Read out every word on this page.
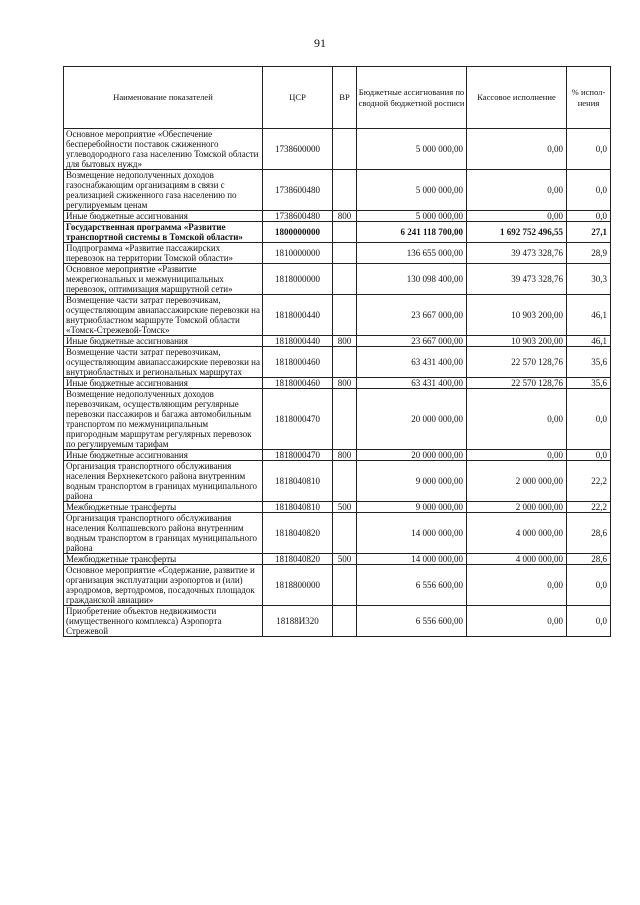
91
Наименование показателей	ЦСР	ВР	Бюджетные ассигнования по сводной бюджетной росписи	Кассовое исполнение	% испол-нения
Основное мероприятие «Обеспечение бесперебойности поставок сжиженного углеводородного газа населению Томской области для бытовых нужд»	1738600000		5 000 000,00	0,00	0,0
Возмещение недополученных доходов газоснабжающим организациям в связи с реализацией сжиженного газа населению по регулируемым ценам	1738600480		5 000 000,00	0,00	0,0
Иные бюджетные ассигнования	1738600480	800	5 000 000,00	0,00	0,0
Государственная программа «Развитие транспортной системы в Томской области»	1800000000		6 241 118 700,00	1 692 752 496,55	27,1
Подпрограмма «Развитие пассажирских перевозок на территории Томской области»	1810000000		136 655 000,00	39 473 328,76	28,9
Основное мероприятие «Развитие межрегиональных и межмуниципальных перевозок, оптимизация маршрутной сети»	1818000000		130 098 400,00	39 473 328,76	30,3
Возмещение части затрат перевозчикам, осуществляющим авиапассажирские перевозки на внутриобластном маршруте Томской области «Томск-Стрежевой-Томск»	1818000440		23 667 000,00	10 903 200,00	46,1
Иные бюджетные ассигнования	1818000440	800	23 667 000,00	10 903 200,00	46,1
Возмещение части затрат перевозчикам, осуществляющим авиапассажирские перевозки на внутриобластных и региональных маршрутах	1818000460		63 431 400,00	22 570 128,76	35,6
Иные бюджетные ассигнования	1818000460	800	63 431 400,00	22 570 128,76	35,6
Возмещение недополученных доходов перевозчикам, осуществляющим регулярные перевозки пассажиров и багажа автомобильным транспортом по межмуниципальным пригородным маршрутам регулярных перевозок по регулируемым тарифам	1818000470		20 000 000,00	0,00	0,0
Иные бюджетные ассигнования	1818000470	800	20 000 000,00	0,00	0,0
Организация транспортного обслуживания населения Верхнекетского района внутренним водным транспортом в границах муниципального района	1818040810		9 000 000,00	2 000 000,00	22,2
Межбюджетные трансферты	1818040810	500	9 000 000,00	2 000 000,00	22,2
Организация транспортного обслуживания населения Колпашевского района внутренним водным транспортом в границах муниципального района	1818040820		14 000 000,00	4 000 000,00	28,6
Межбюджетные трансферты	1818040820	500	14 000 000,00	4 000 000,00	28,6
Основное мероприятие «Содержание, развитие и организация эксплуатации аэропортов и (или) аэродромов, вертодромов, посадочных площадок гражданской авиации»	1818800000		6 556 600,00	0,00	0,0
Приобретение объектов недвижимости (имущественного комплекса) Аэропорта Стрежевой	18188И320		6 556 600,00	0,00	0,0
